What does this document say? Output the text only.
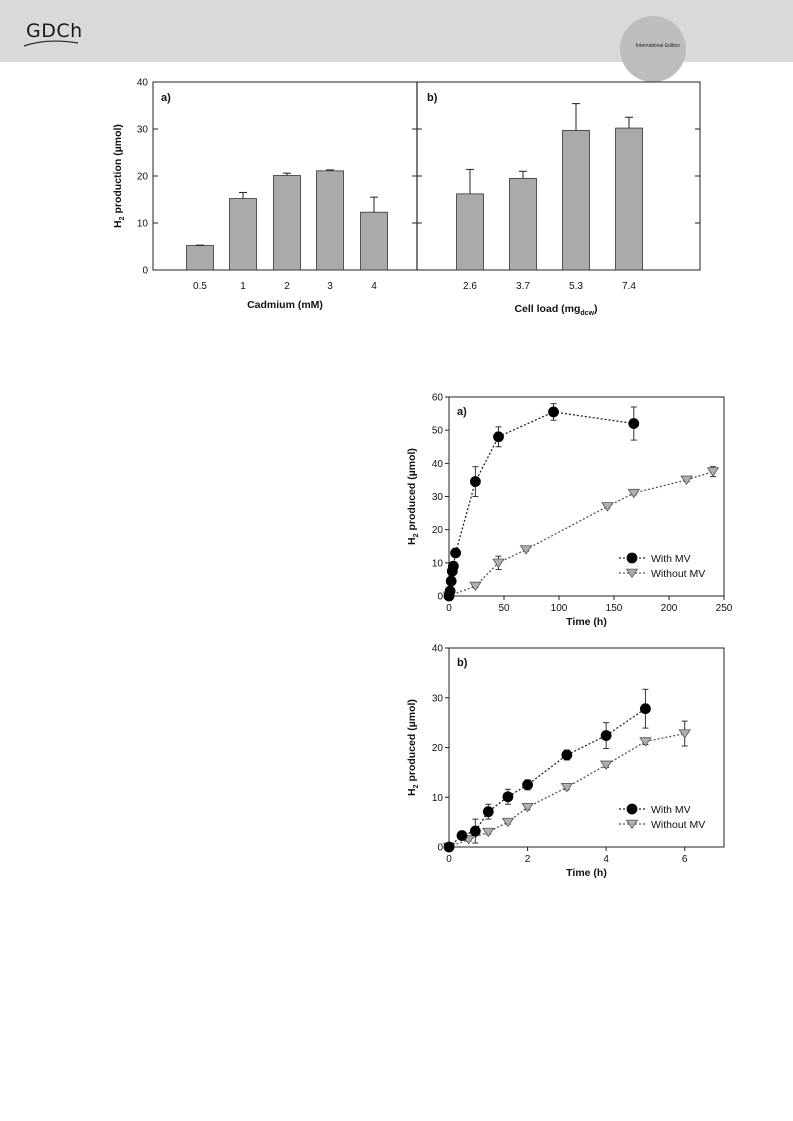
GDCh
International Edition
0
10
20
30
40
$H_2$ production (µmol)
a)	b)
0.5	1	2	3	4	2.6	3.7	5.3	7.4
Cadmium (mM)	Cell load $(mg_{dcw})$
0
10
20
30
40
50
60
0	50	100	150	200	250
Time (h)
$H_2$ produced (µmol)
a)
With MV
Without MV
0
10
20
30
40
0	2	4	6
Time (h)
$H_2$ produced (µmol)
b)
With MV
Without MV
